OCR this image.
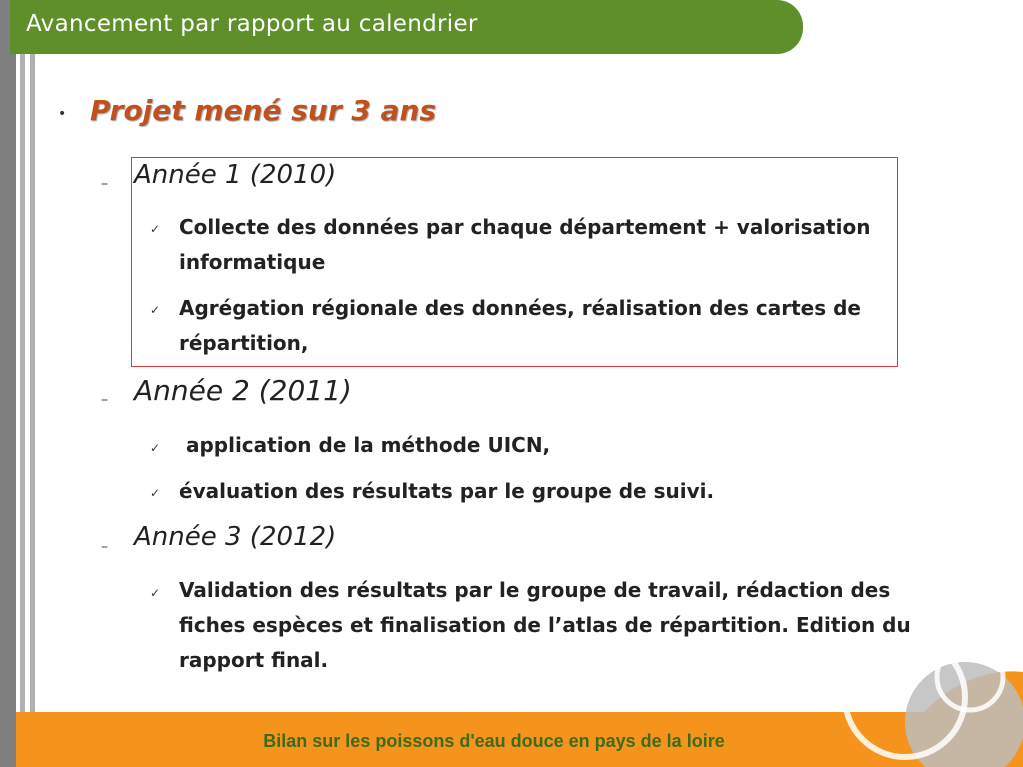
Avancement par rapport au calendrier
• Projet mené sur 3 ans
– Année 1 (2010)
✓ Collecte des données par chaque département + valorisation informatique
✓ Agrégation régionale des données, réalisation des cartes de répartition,
– Année 2 (2011)
✓ application de la méthode UICN,
✓ évaluation des résultats par le groupe de suivi.
– Année 3 (2012)
✓ Validation des résultats par le groupe de travail, rédaction des fiches espèces et finalisation de l’atlas de répartition. Edition du rapport final.
Bilan sur les poissons d'eau douce en pays de la loire
